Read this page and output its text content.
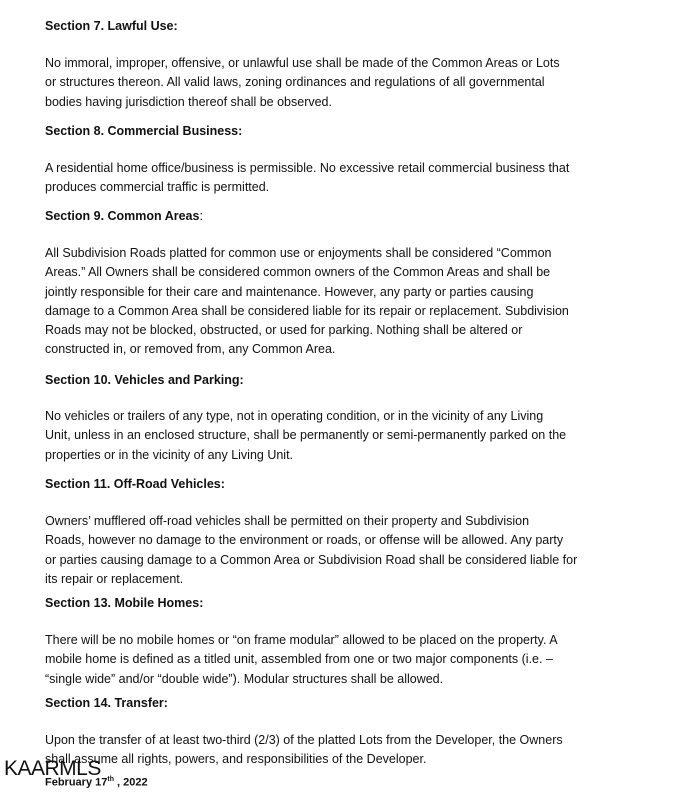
Section 7. Lawful Use:
No immoral, improper, offensive, or unlawful use shall be made of the Common Areas or Lots
or structures thereon. All valid laws, zoning ordinances and regulations of all governmental
bodies having jurisdiction thereof shall be observed.
Section 8. Commercial Business:
A residential home office/business is permissible. No excessive retail commercial business that
produces commercial traffic is permitted.
Section 9. Common Areas:
All Subdivision Roads platted for common use or enjoyments shall be considered “Common
Areas.” All Owners shall be considered common owners of the Common Areas and shall be
jointly responsible for their care and maintenance. However, any party or parties causing
damage to a Common Area shall be considered liable for its repair or replacement. Subdivision
Roads may not be blocked, obstructed, or used for parking. Nothing shall be altered or
constructed in, or removed from, any Common Area.
Section 10. Vehicles and Parking:
No vehicles or trailers of any type, not in operating condition, or in the vicinity of any Living
Unit, unless in an enclosed structure, shall be permanently or semi-permanently parked on the
properties or in the vicinity of any Living Unit.
Section 11. Off-Road Vehicles:
Owners’ mufflered off-road vehicles shall be permitted on their property and Subdivision
Roads, however no damage to the environment or roads, or offense will be allowed. Any party
or parties causing damage to a Common Area or Subdivision Road shall be considered liable for
its repair or replacement.
Section 13. Mobile Homes:
There will be no mobile homes or “on frame modular” allowed to be placed on the property. A
mobile home is defined as a titled unit, assembled from one or two major components (i.e. –
“single wide” and/or “double wide”). Modular structures shall be allowed.
Section 14. Transfer:
Upon the transfer of at least two-third (2/3) of the platted Lots from the Developer, the Owners
shall assume all rights, powers, and responsibilities of the Developer.
KAARMLS
February 17th , 2022
